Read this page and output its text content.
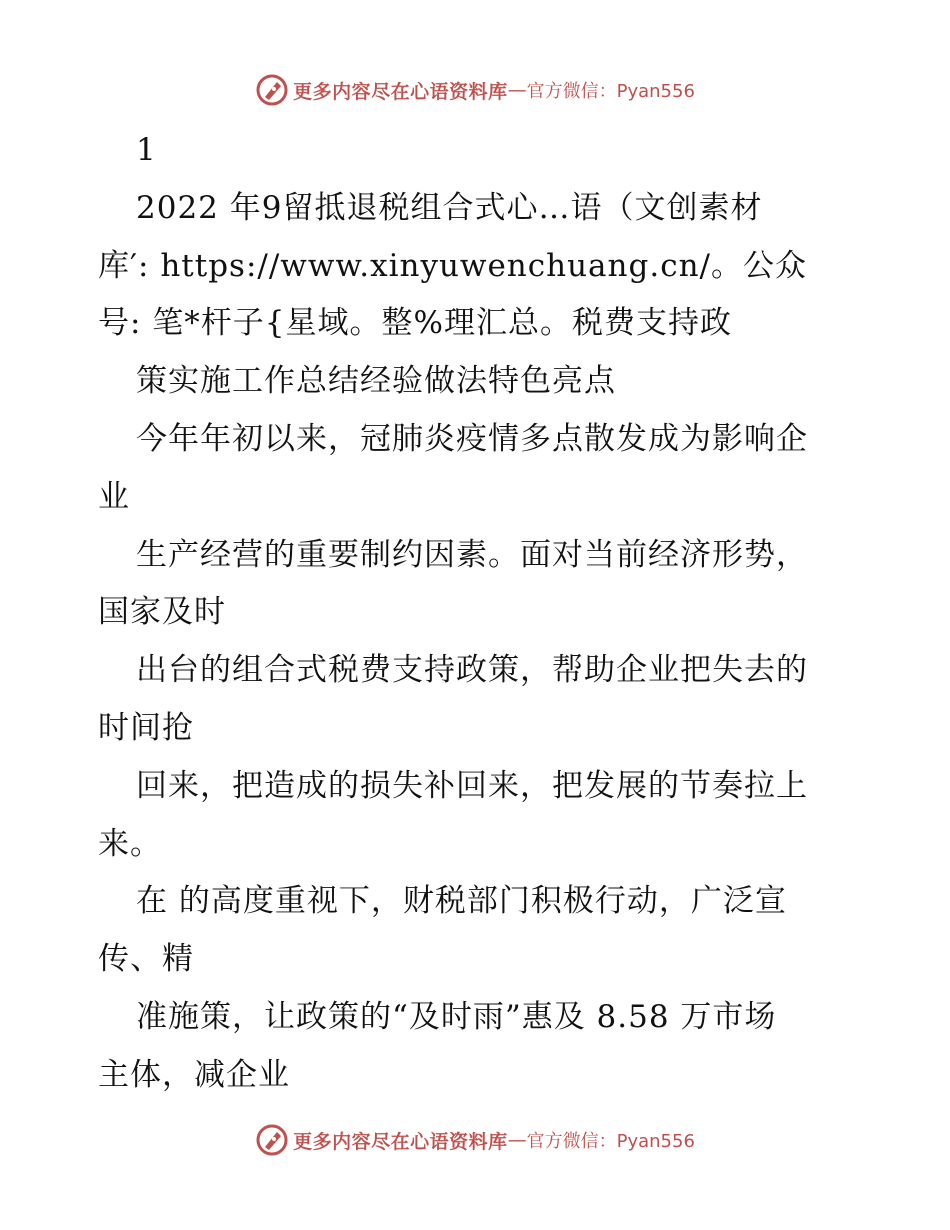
更多内容尽在心语资料库 — 官方微信：Pyan556
1
2022 年9留抵退税组合式心…语（文创素材
库′: https://www.xinyuwenchuang.cn/。公众
号: 笔*杆子{星域。整%理汇总。税费支持政
策实施工作总结经验做法特色亮点
今年年初以来，冠肺炎疫情多点散发成为影响企
业
生产经营的重要制约因素。面对当前经济形势，
国家及时
出台的组合式税费支持政策，帮助企业把失去的
时间抢
回来，把造成的损失补回来，把发展的节奏拉上
来。
在 的高度重视下，财税部门积极行动，广泛宣
传、精
准施策，让政策的“及时雨”惠及 8.58 万市场
主体，减企业
更多内容尽在心语资料库 — 官方微信：Pyan556
